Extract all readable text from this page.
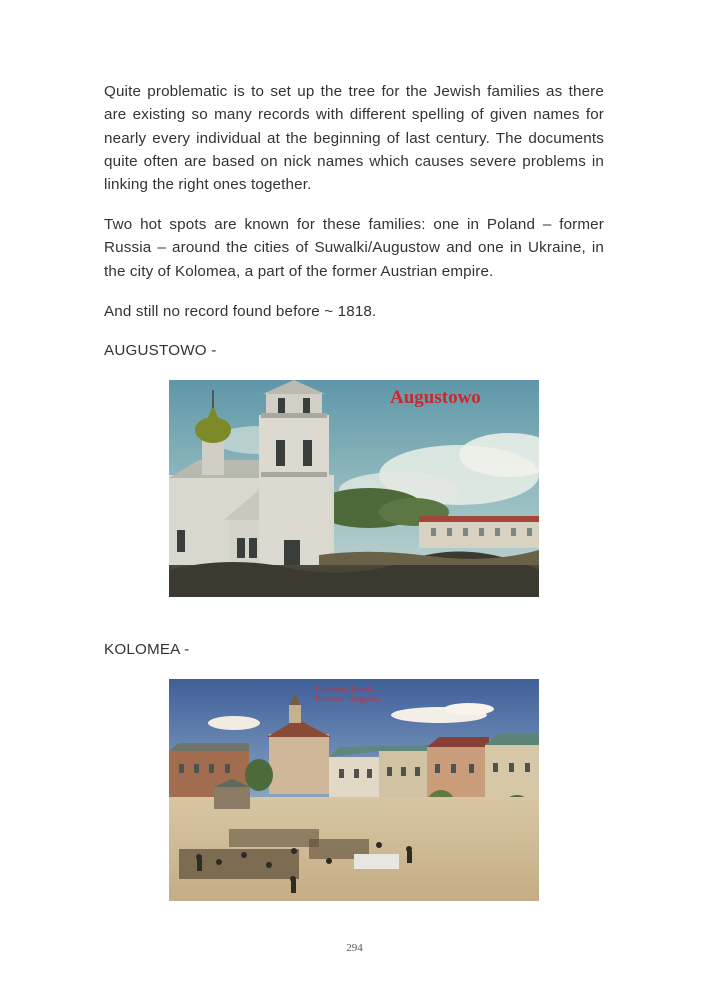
Quite problematic is to set up the tree for the Jewish families as there are existing so many records with different spelling of given names for nearly every individual at the beginning of last century. The documents quite often are based on nick names which causes severe problems in linking the right ones together.

Two hot spots are known for these families: one in Poland – former Russia – around the cities of Suwalki/Augustow and one in Ukraine, in the city of Kolomea, a part of the former Austrian empire.

And still no record found before ~ 1818.

AUGUSTOWO -

Augustowo

KOLOMEA -

Kołomyja. Rynek.
Kolomea. Ringplatz.
294
